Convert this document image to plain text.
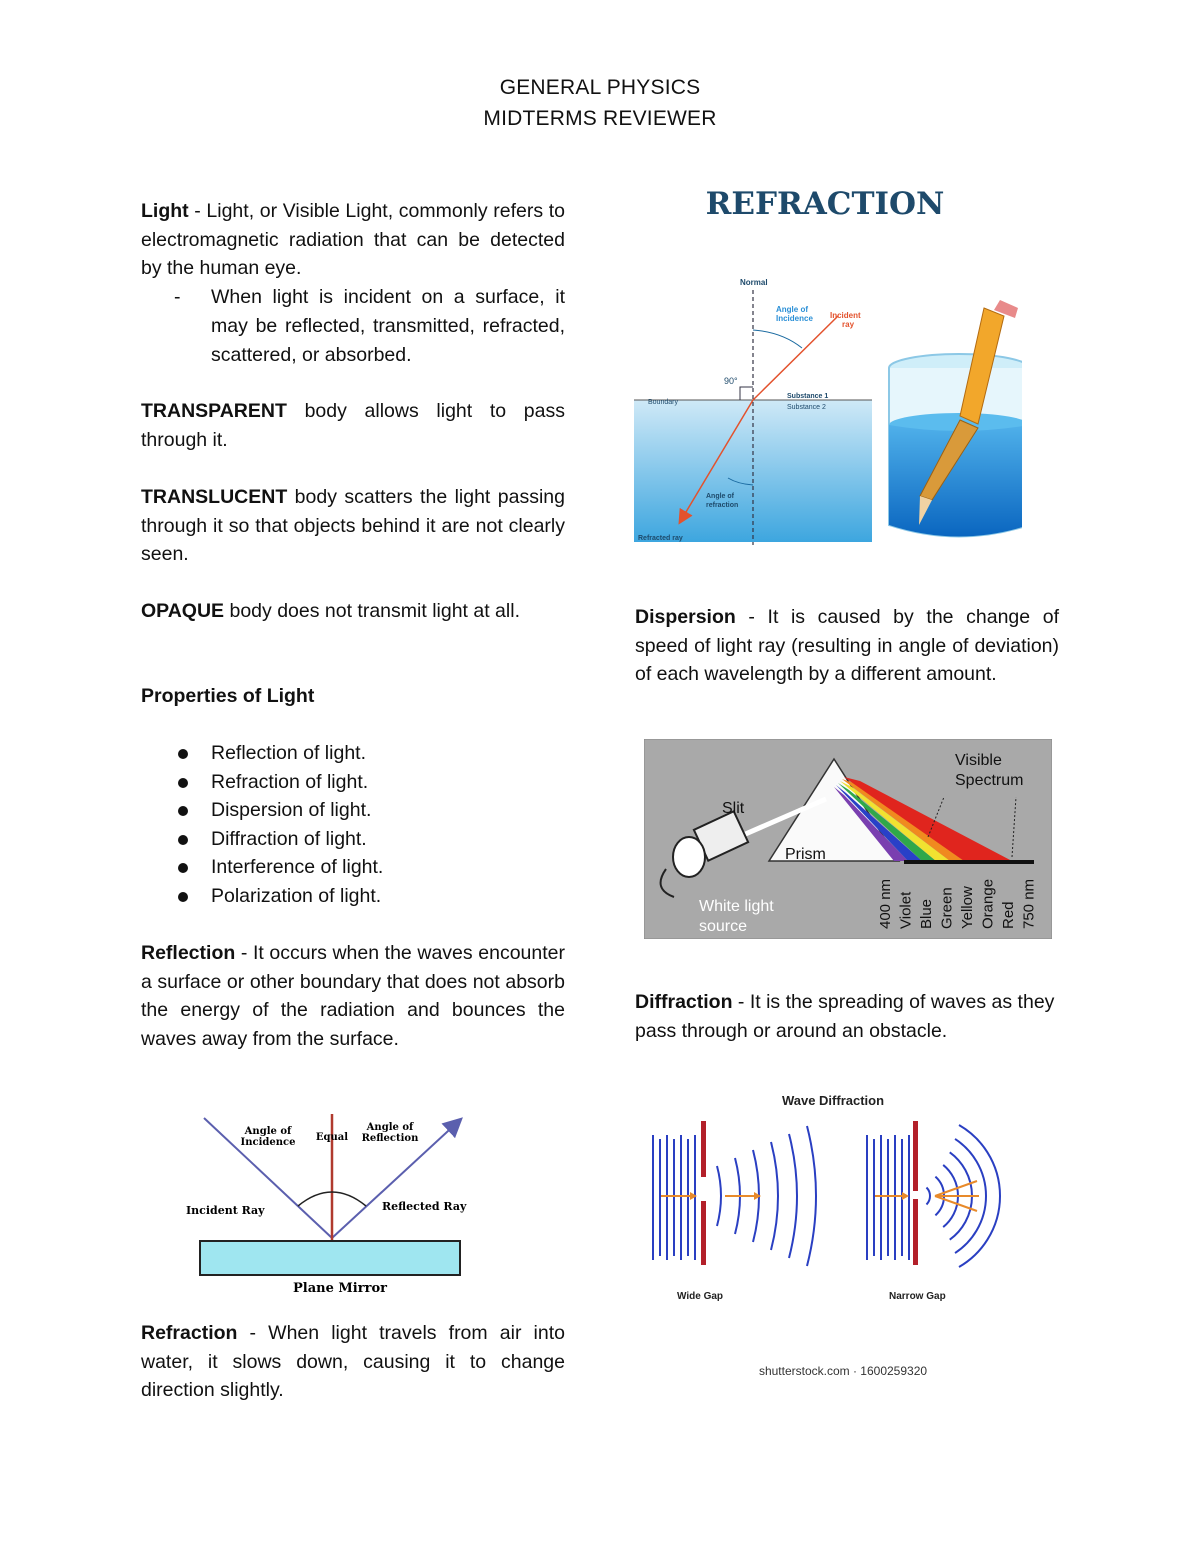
GENERAL PHYSICS
MIDTERMS REVIEWER

Light - Light, or Visible Light, commonly refers to electromagnetic radiation that can be detected by the human eye.

- When light is incident on a surface, it may be reflected, transmitted, refracted, scattered, or absorbed.

TRANSPARENT body allows light to pass through it.

TRANSLUCENT body scatters the light passing through it so that objects behind it are not clearly seen.

OPAQUE body does not transmit light at all.

Properties of Light

Reflection of light.
Refraction of light.
Dispersion of light.
Diffraction of light.
Interference of light.
Polarization of light.

Reflection - It occurs when the waves encounter a surface or other boundary that does not absorb the energy of the radiation and bounces the waves away from the surface.

Angle of Incidence Equal
Angle of Reflection
Incident Ray	Reflected Ray
Plane Mirror

Refraction - When light travels from air into water, it slows down, causing it to change direction slightly.

REFRACTION
Normal
Angle of Incidence Incident ray
90°
Boundary
Substance 1
Substance 2
Angle of refraction
Refracted ray

Dispersion - It is caused by the change of speed of light ray (resulting in angle of deviation) of each wavelength by a different amount.

Slit
Prism
Visible
Spectrum
White light
source	400 nm Violet Blue Green Yellow Orange Red 750 nm

Diffraction - It is the spreading of waves as they pass through or around an obstacle.

Wave Diffraction
Wide Gap	Narrow Gap
shutterstock.com · 1600259320
